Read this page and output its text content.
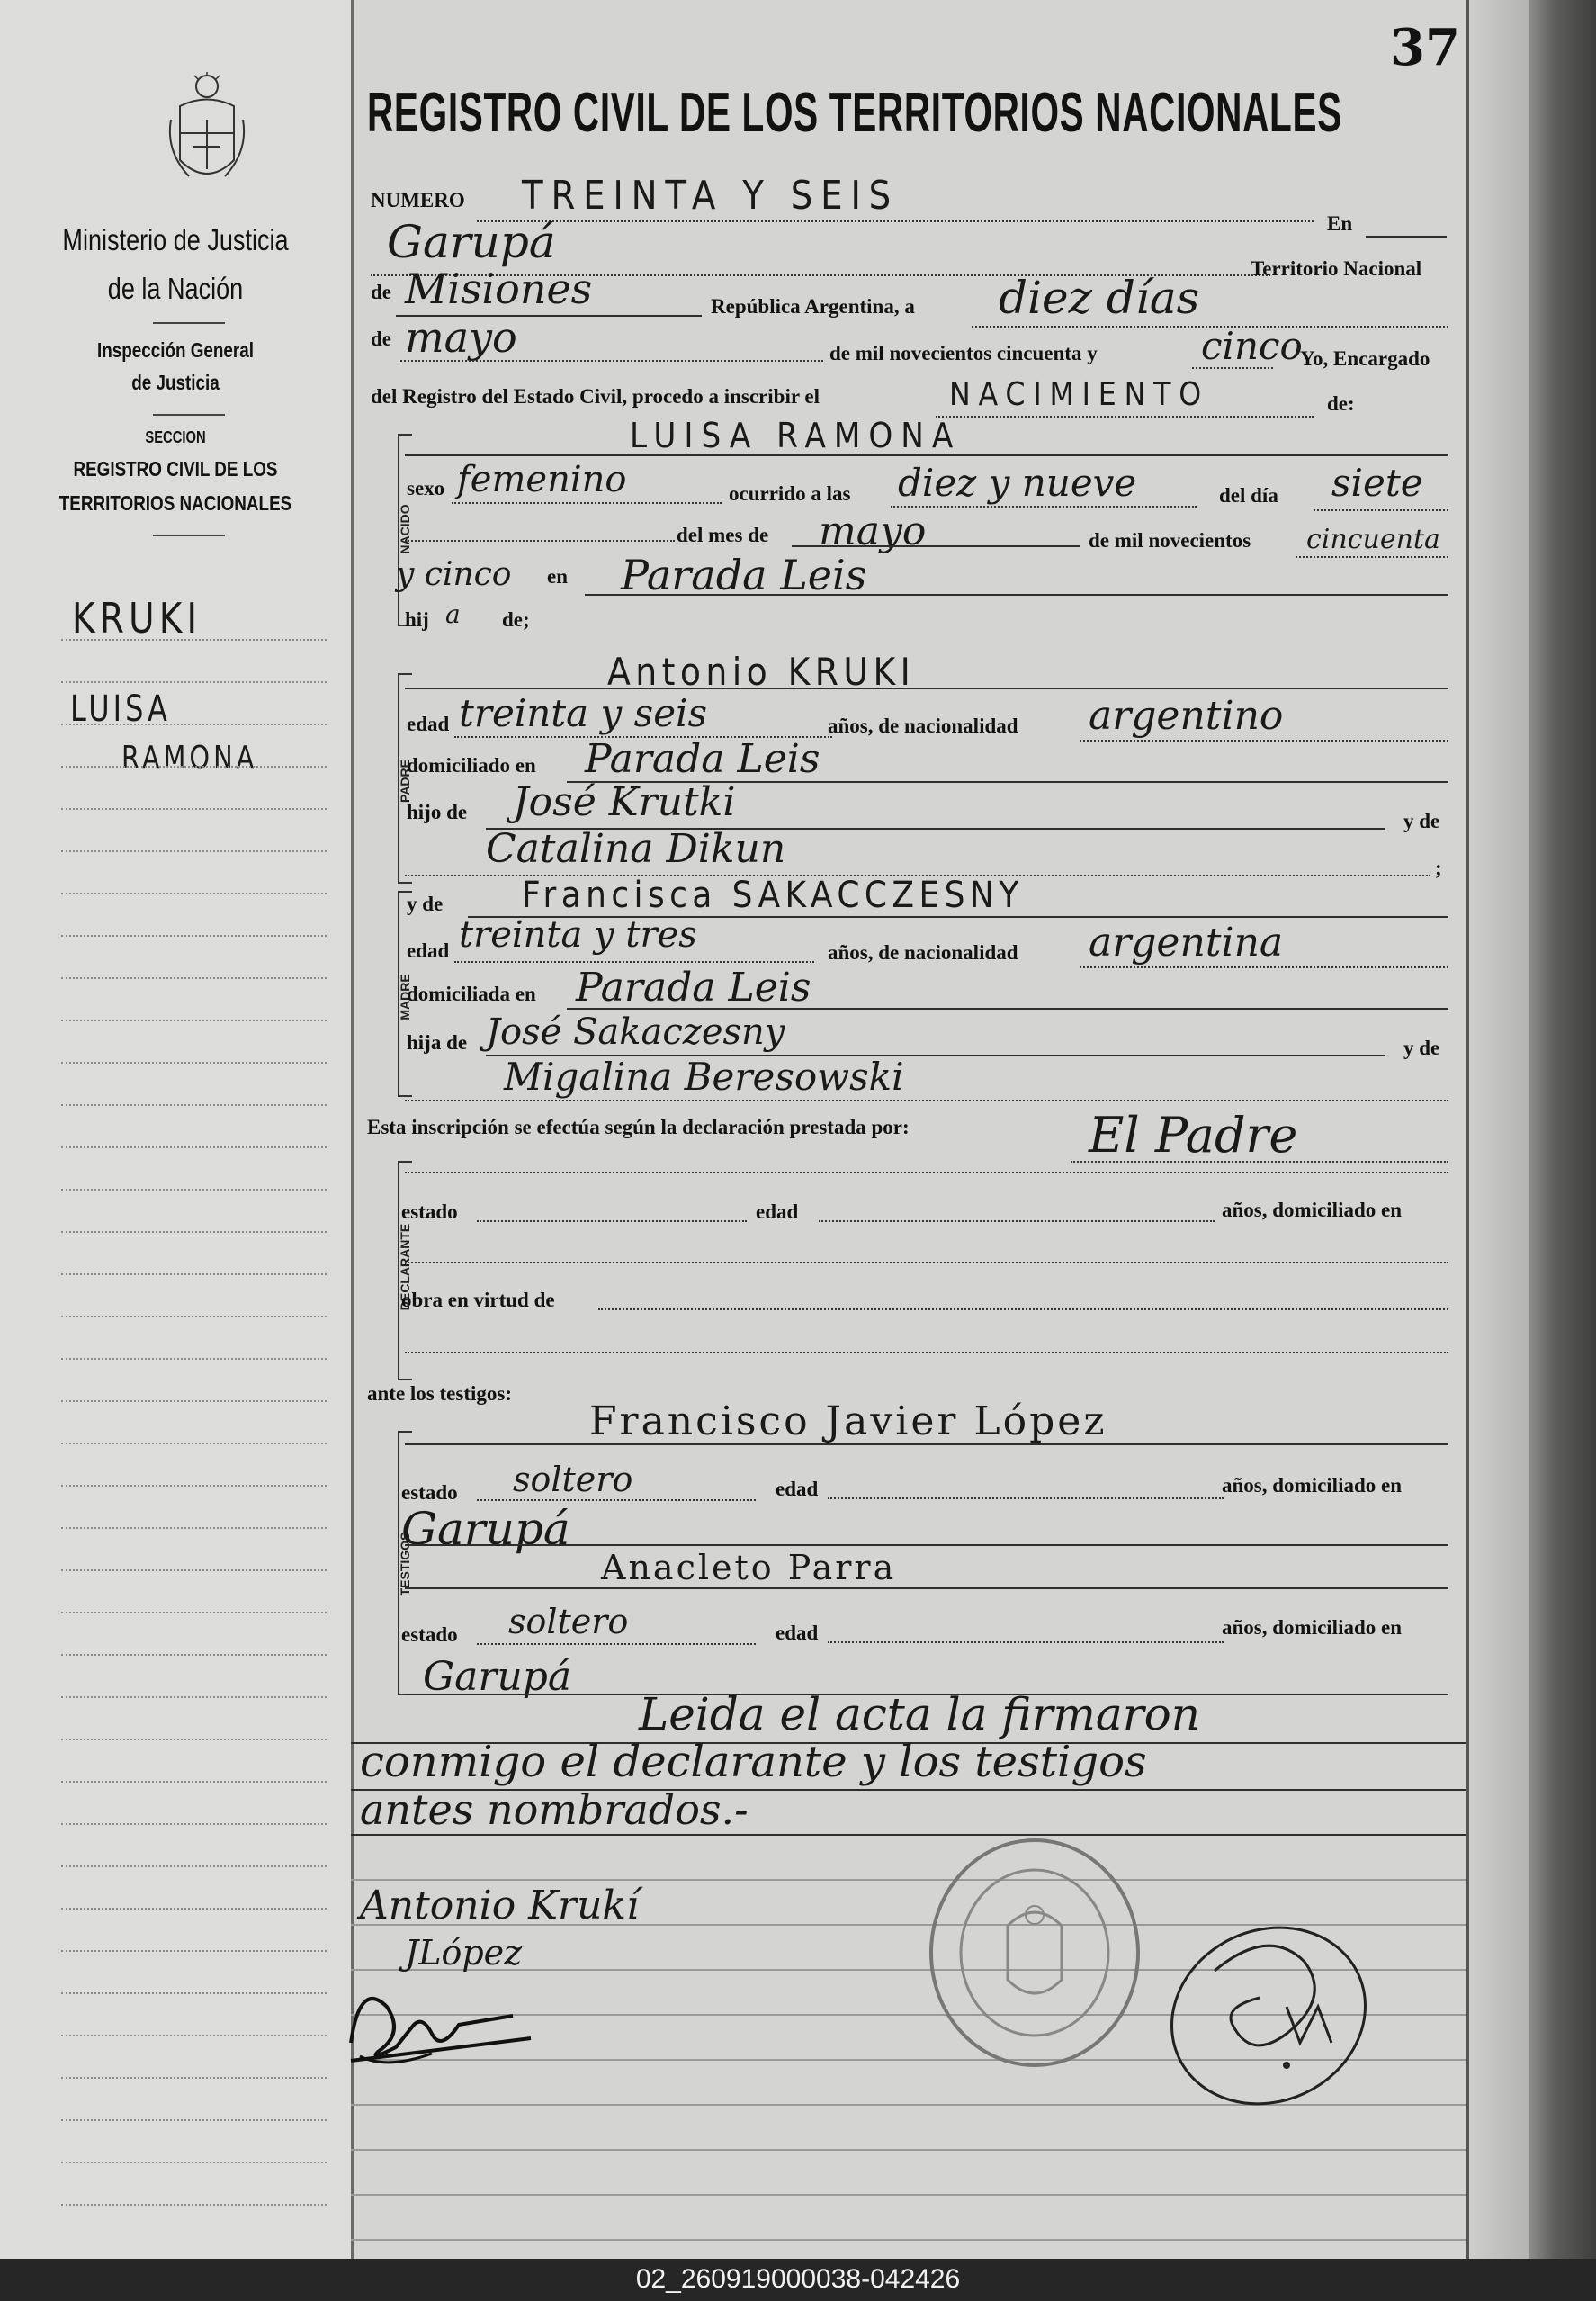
Ministerio de Justicia
de la Nación
Inspección General
de Justicia
SECCION
REGISTRO CIVIL DE LOS
TERRITORIOS NACIONALES
KRUKI
LUISA
RAMONA
37
REGISTRO CIVIL DE LOS TERRITORIOS NACIONALES
NUMERO TREINTA Y SEIS
En
Garupá
Territorio Nacional
de Misiones	República Argentina, a diez días
de mayo	de mil novecientos cincuenta y	cinco
Yo, Encargado
del Registro del Estado Civil, procedo a inscribir el	NACIMIENTO	de:
NACIDO
LUISA RAMONA
sexo femenino	ocurrido a las diez y nueve	del día siete
del mes de mayo	de mil novecientos cincuenta
y cinco en Parada Leis
hij a de;
PADRE
Antonio KRUKI
edad treinta y seis	años, de nacionalidad argentino
domiciliado en Parada Leis
hijo de José Krutki	y de
Catalina Dikun	;
MADRE
y de Francisca SAKACCZESNY
edad treinta y tres	años, de nacionalidad argentina
domiciliada en Parada Leis
hija de José Sakaczesny	y de
Migalina Beresowski
Esta inscripción se efectúa según la declaración prestada por:	El Padre
DECLARANTE
estado	edad	años, domiciliado en
obra en virtud de
ante los testigos:
TESTIGOS
Francisco Javier López
estado soltero	edad	años, domiciliado en
Garupá
Anacleto Parra
estado soltero	edad	años, domiciliado en
Garupá
Leida el acta la firmaron
conmigo el declarante y los testigos
antes nombrados.-
Antonio Krukí
JLópez
02_260919000038-042426
